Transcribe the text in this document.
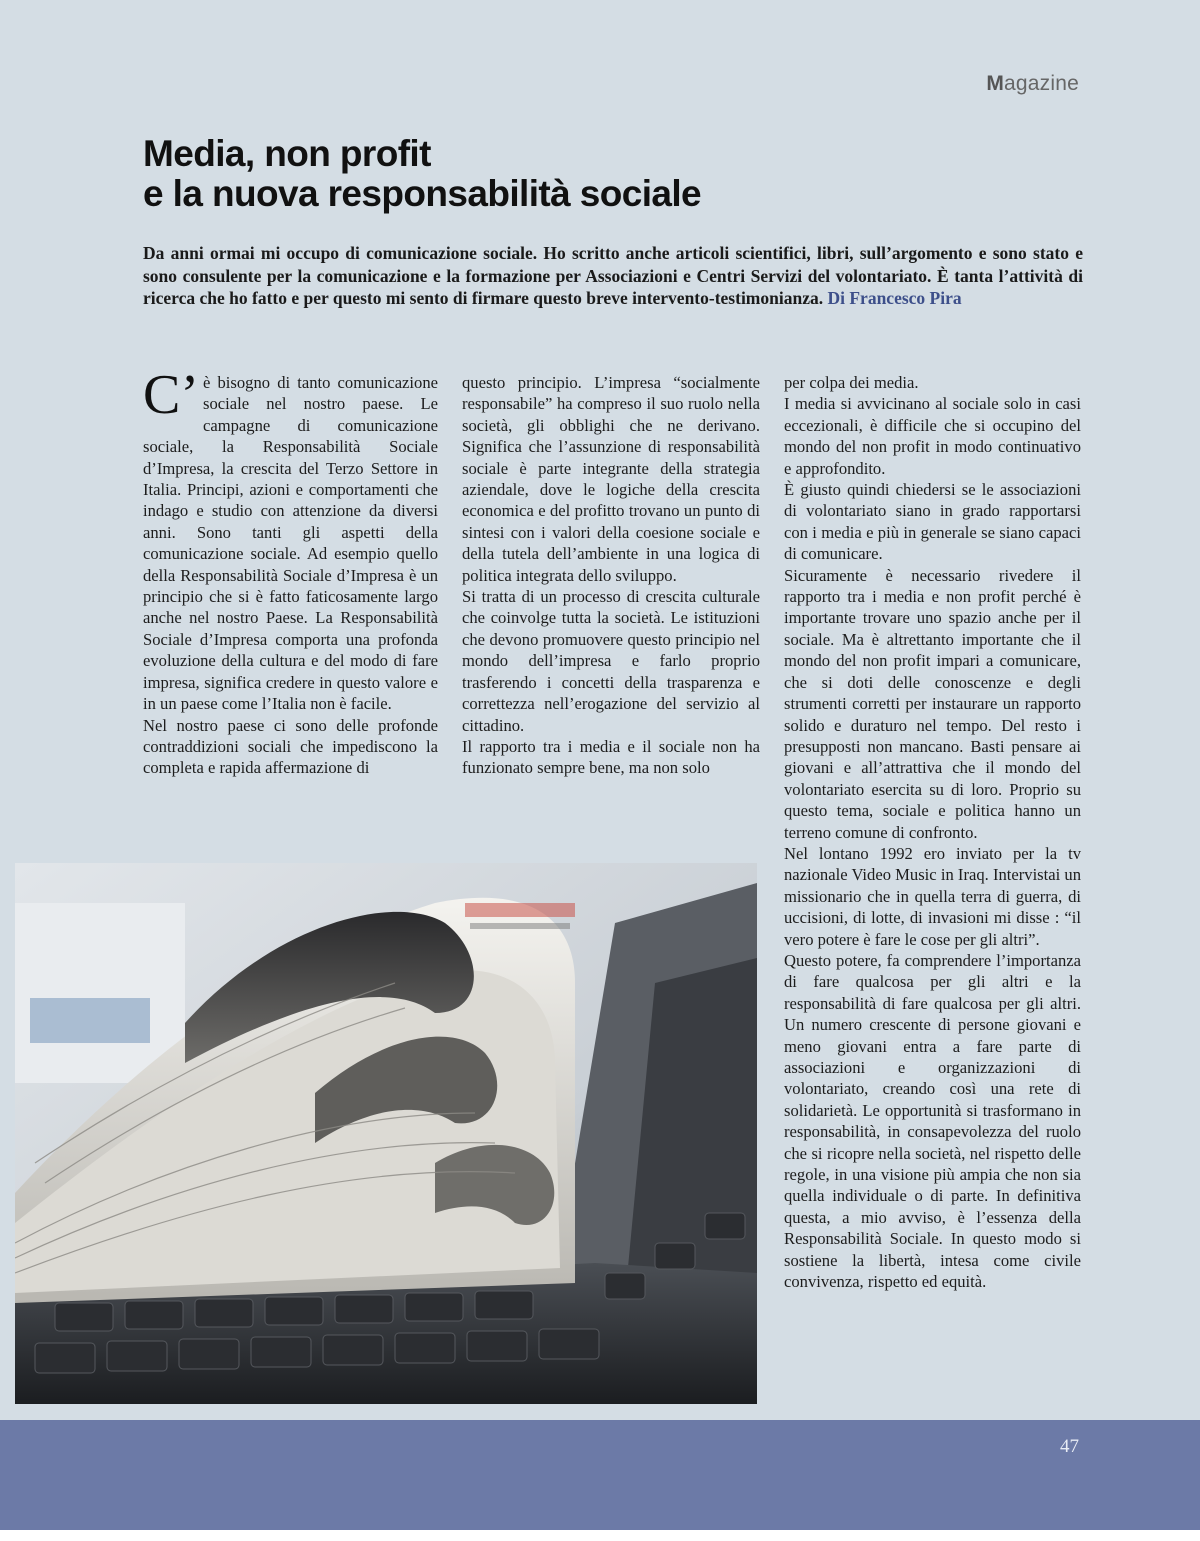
Magazine
Media, non profit
e la nuova responsabilità sociale

Da anni ormai mi occupo di comunicazione sociale. Ho scritto anche articoli scientifici, libri, sull’argomento e sono stato e sono consulente per la comunicazione e la formazione per Associazioni e Centri Servizi del volontariato. È tanta l’attività di ricerca che ho fatto e per questo mi sento di firmare questo breve intervento-testimonianza. Di Francesco Pira

C’ è bisogno di tanto comunicazione sociale nel nostro paese. Le campagne di comunicazione sociale, la Responsabilità Sociale d’Impresa, la crescita del Terzo Settore in Italia. Principi, azioni e comportamenti che indago e studio con attenzione da diversi anni. Sono tanti gli aspetti della comunicazione sociale. Ad esempio quello della Responsabilità Sociale d’Impresa è un principio che si è fatto faticosamente largo anche nel nostro Paese. La Responsabilità Sociale d’Impresa comporta una profonda evoluzione della cultura e del modo di fare impresa, significa credere in questo valore e in un paese come l’Italia non è facile.

Nel nostro paese ci sono delle profonde contraddizioni sociali che impediscono la completa e rapida affermazione di

questo principio. L’impresa “socialmente responsabile” ha compreso il suo ruolo nella società, gli obblighi che ne derivano. Significa che l’assunzione di responsabilità sociale è parte integrante della strategia aziendale, dove le logiche della crescita economica e del profitto trovano un punto di sintesi con i valori della coesione sociale e della tutela dell’ambiente in una logica di politica integrata dello sviluppo.

Si tratta di un processo di crescita culturale che coinvolge tutta la società. Le istituzioni che devono promuovere questo principio nel mondo dell’impresa e farlo proprio trasferendo i concetti della trasparenza e correttezza nell’erogazione del servizio al cittadino.

Il rapporto tra i media e il sociale non ha funzionato sempre bene, ma non solo

per colpa dei media.

I media si avvicinano al sociale solo in casi eccezionali, è difficile che si occupino del mondo del non profit in modo continuativo e approfondito.

È giusto quindi chiedersi se le associazioni di volontariato siano in grado rapportarsi con i media e più in generale se siano capaci di comunicare.

Sicuramente è necessario rivedere il rapporto tra i media e non profit perché è importante trovare uno spazio anche per il sociale. Ma è altrettanto importante che il mondo del non profit impari a comunicare, che si doti delle conoscenze e degli strumenti corretti per instaurare un rapporto solido e duraturo nel tempo. Del resto i presupposti non mancano. Basti pensare ai giovani e all’attrattiva che il mondo del volontariato esercita su di loro. Proprio su questo tema, sociale e politica hanno un terreno comune di confronto.

Nel lontano 1992 ero inviato per la tv nazionale Video Music in Iraq. Intervistai un missionario che in quella terra di guerra, di uccisioni, di lotte, di invasioni mi disse : “il vero potere è fare le cose per gli altri”.

Questo potere, fa comprendere l’importanza di fare qualcosa per gli altri e la responsabilità di fare qualcosa per gli altri. Un numero crescente di persone giovani e meno giovani entra a fare parte di associazioni e organizzazioni di volontariato, creando così una rete di solidarietà. Le opportunità si trasformano in responsabilità, in consapevolezza del ruolo che si ricopre nella società, nel rispetto delle regole, in una visione più ampia che non sia quella individuale o di parte. In definitiva questa, a mio avviso, è l’essenza della Responsabilità Sociale. In questo modo si sostiene la libertà, intesa come civile convivenza, rispetto ed equità.

47
